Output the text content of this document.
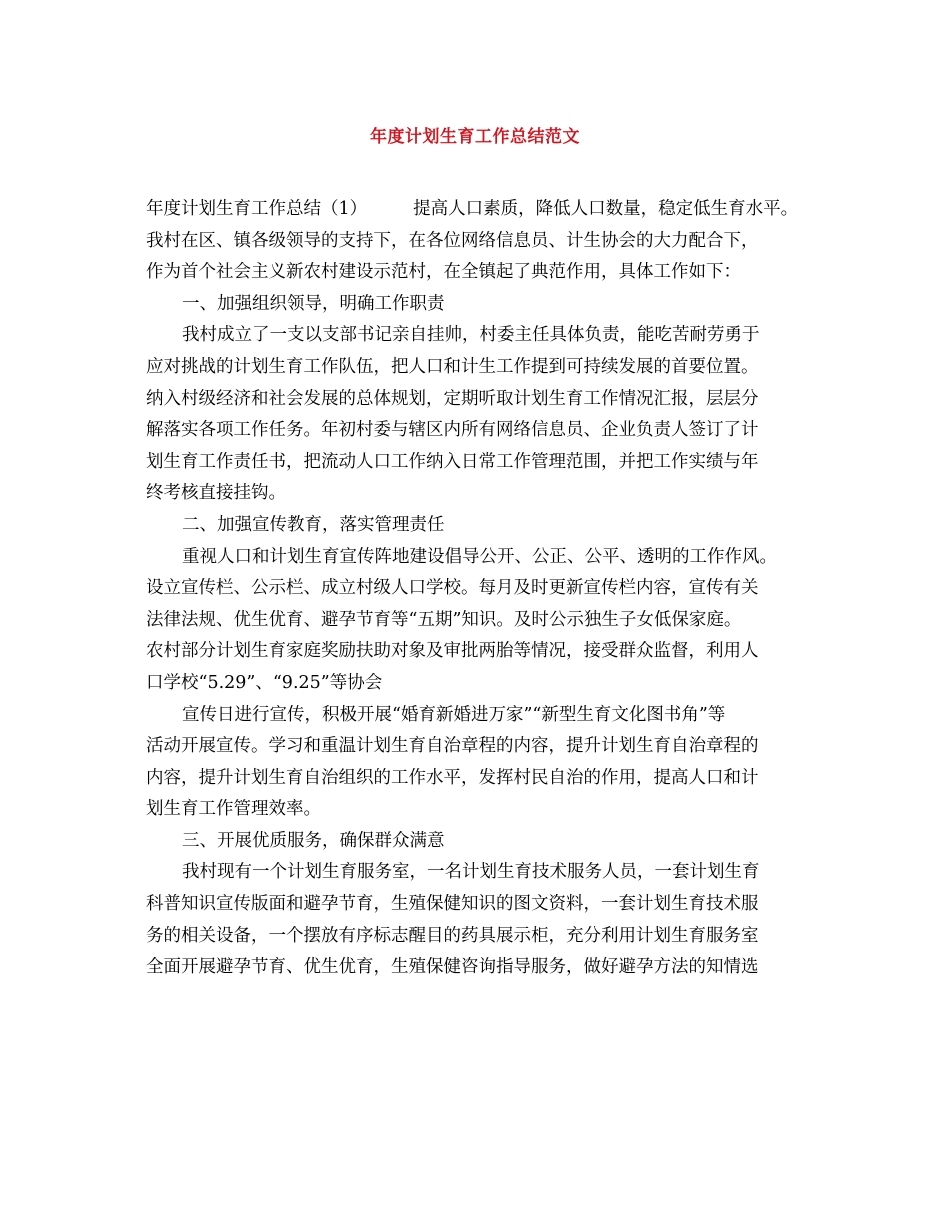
年度计划生育工作总结范文
年度计划生育工作总结（1）	提高人口素质，降低人口数量，稳定低生育水平。
我村在区、镇各级领导的支持下，在各位网络信息员、计生协会的大力配合下，
作为首个社会主义新农村建设示范村，在全镇起了典范作用，具体工作如下：
一、加强组织领导，明确工作职责
我村成立了一支以支部书记亲自挂帅，村委主任具体负责，能吃苦耐劳勇于
应对挑战的计划生育工作队伍，把人口和计生工作提到可持续发展的首要位置。
纳入村级经济和社会发展的总体规划，定期听取计划生育工作情况汇报，层层分
解落实各项工作任务。年初村委与辖区内所有网络信息员、企业负责人签订了计
划生育工作责任书，把流动人口工作纳入日常工作管理范围，并把工作实绩与年
终考核直接挂钩。
二、加强宣传教育，落实管理责任
重视人口和计划生育宣传阵地建设倡导公开、公正、公平、透明的工作作风。
设立宣传栏、公示栏、成立村级人口学校。每月及时更新宣传栏内容，宣传有关
法律法规、优生优育、避孕节育等“五期”知识。及时公示独生子女低保家庭。
农村部分计划生育家庭奖励扶助对象及审批两胎等情况，接受群众监督，利用人
口学校“5.29”、“9.25”等协会
宣传日进行宣传，积极开展“婚育新婚进万家”“新型生育文化图书角”等
活动开展宣传。学习和重温计划生育自治章程的内容，提升计划生育自治章程的
内容，提升计划生育自治组织的工作水平，发挥村民自治的作用，提高人口和计
划生育工作管理效率。
三、开展优质服务，确保群众满意
我村现有一个计划生育服务室，一名计划生育技术服务人员，一套计划生育
科普知识宣传版面和避孕节育，生殖保健知识的图文资料，一套计划生育技术服
务的相关设备，一个摆放有序标志醒目的药具展示柜，充分利用计划生育服务室
全面开展避孕节育、优生优育，生殖保健咨询指导服务，做好避孕方法的知情选
